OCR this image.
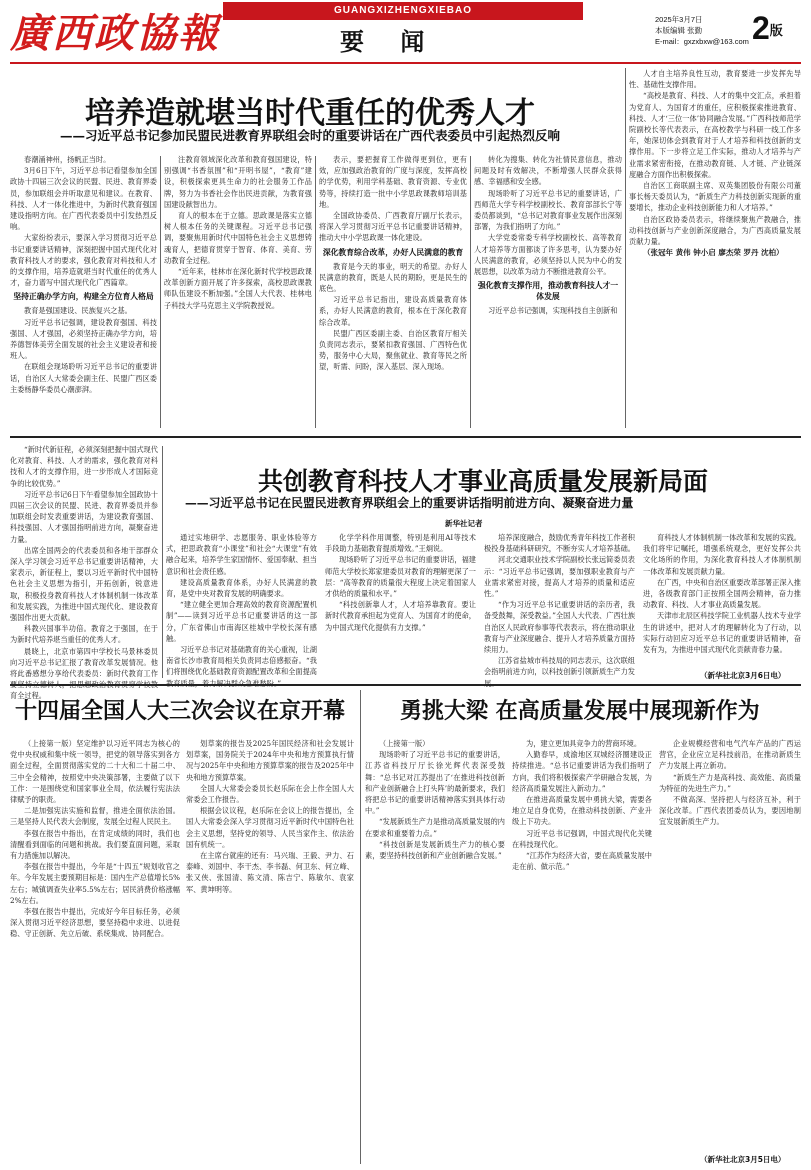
廣西政協報	GUANGXIZHENGXIEBAO
要 闻
2025年3月7日
本版编辑 张勤
E-mail：gxzxbxw@163.com 2版
培养造就堪当时代重任的优秀人才
——习近平总书记参加民盟民进教育界联组会时的重要讲话在广西代表委员中引起热烈反响

春潮涌神州，扬帆正当时。

3月6日下午，习近平总书记看望参加全国政协十四届三次会议的民盟、民进、教育界委员，参加联组会并听取意见和建议。在教育、科技、人才一体化推进中，为新时代教育强国建设指明方向。在广西代表委员中引发热烈反响。

大家纷纷表示，要深入学习贯彻习近平总书记重要讲话精神，深刻把握中国式现代化对教育科技人才的要求，强化教育对科技和人才的支撑作用，培养造就堪当时代重任的优秀人才，奋力谱写中国式现代化广西篇章。

坚持正确办学方向，构建全方位育人格局

教育是强国建设、民族复兴之基。

习近平总书记强调，建设教育强国、科技强国、人才强国，必须坚持正确办学方向，培养德智体美劳全面发展的社会主义建设者和接班人。

在联组会现场聆听习近平总书记的重要讲话，自治区人大常委会副主任、民盟广西区委主委杨静华委员心潮澎湃。

注教育领域深化改革和教育强国建设，特别强调“书香氛围”和“开明书屋”，“教育”建设，积极探索更具生命力的社会服务工作品牌，努力为书香社会作出民进贡献，为教育强国建设献智出力。

育人的根本在于立德。思政课是落实立德树人根本任务的关键课程。习近平总书记强调，要聚焦用新时代中国特色社会主义思想铸魂育人，把德育贯穿于智育、体育、美育、劳动教育全过程。

“近年来，桂林市在深化新时代学校思政课改革创新方面开展了许多探索，高校思政课教师队伍建设不断加强。”全国人大代表、桂林电子科技大学马克思主义学院教授说。

表示，要把握育工作做得更到位，更有效，应加强政治教育的广度与深度，发挥高校的学优势，利用学科基础、教育资源、专业优势等，持续打造一批中小学思政课教师培训基地。

全国政协委员、广西教育厅副厅长表示，将深入学习贯彻习近平总书记重要讲话精神，推动大中小学思政课一体化建设。

深化教育综合改革，办好人民满意的教育

教育是今天的事业，明天的希望。办好人民满意的教育，既是人民的期盼，更是民生的底色。

习近平总书记指出，建设高质量教育体系，办好人民满意的教育，根本在于深化教育综合改革。

民盟广西区委副主委、自治区教育厅相关负责同志表示，要紧扣教育强国、广西特色优势，服务中心大局，聚焦就业、教育等民之所望，听需、问盼，深入基层、深入现场。

转化为搜集、转化为社情民意信息，推动问题及时有效解决，不断增强人民群众获得感、幸福感和安全感。

现场聆听了习近平总书记的重要讲话，广西师范大学专科学校副校长、教育部部长宁等委员都谈到，“总书记对教育事业发展作出深刻部署，为我们指明了方向。”

大学党委常委专科学校副校长、高等教育人才培养等方面都谈了许多思考，认为要办好人民满意的教育，必须坚持以人民为中心的发展思想，以改革为动力不断推进教育公平。

强化教育支撑作用，推动教育科技人才一体发展

习近平总书记强调，实现科技自主创新和

人才自主培养良性互动，教育要进一步发挥先导性、基础性支撑作用。

“高校是教育、科技、人才的集中交汇点，承担着为党育人、为国育才的重任，应积极探索推进教育、科技、人才‘三位一体’协同融合发展。”广西科技师范学院副校长等代表表示，在高校教学与科研一线工作多年，她深切体会到教育对于人才培养和科技创新的支撑作用。下一步将立足工作实际，推动人才培养与产业需求紧密衔接，在推动教育链、人才链、产业链深度融合方面作出积极探索。

自治区工商联副主席、双英集团股份有限公司董事长杨天委员认为，“新质生产力科技创新实现新的重要增长，推动企业科技创新能力和人才培养。”

自治区政协委员表示，将继续聚焦产教融合，推动科技创新与产业创新深度融合，为广西高质量发展贡献力量。

（张冠年 黄伟 钟小启 廖杰荣 罗丹 沈柏）

“新时代新征程，必须深刻把握中国式现代化对教育、科技、人才的需求，强化教育对科技和人才的支撑作用，进一步形成人才国际竞争的比较优势。”

习近平总书记6日下午看望参加全国政协十四届三次会议的民盟、民进、教育界委员并参加联组会时发表重要讲话，为建设教育强国、科技强国、人才强国指明前进方向，凝聚奋进力量。

出席全国两会的代表委员和各地干部群众深入学习领会习近平总书记重要讲话精神，大家表示，新征程上，要以习近平新时代中国特色社会主义思想为指引，开拓创新，锐意进取，积极投身教育科技人才体制机制一体改革和发展实践，为推进中国式现代化、建设教育强国作出更大贡献。

科教兴国事半功倍。教育之于强国，在于为新时代培养堪当重任的优秀人才。

晨晓上，北京市第四中学校长马景林委员向习近平总书记汇报了教育改革发展情况。他将此番感想分享给代表委员：新时代教育工作 育全过程。

共创教育科技人才事业高质量发展新局面
——习近平总书记在民盟民进教育界联组会上的重要讲话指明前进方向、凝聚奋进力量
新华社记者

通过实地研学、志愿服务、职业体验等方式，把思政教育“小课堂”和社会“大课堂”有效融合起来，培养学生家国情怀、爱国奉献、担当意识和社会责任感。

建设高质量教育体系，办好人民满意的教育，是党中央对教育发展的明确要求。

“建立健全更加合理高效的教育资源配置机制”——读到习近平总书记重要讲话的这一部分，广东省佛山市南海区桂城中学校长深有感触。

习近平总书记对基础教育的关心重视，让湖南省长沙市教育局相关负责同志倍感振奋。“我们将围绕优化基础教育资源配置改革和全面提高

化学学科作用调整，特别是利用AI等技术手段助力基础教育提质增效。”王炯说。

现场聆听了习近平总书记的重要讲话，福建师范大学校长郑家建委员对教育的理解更深了一层：“高等教育的质量很大程度上决定着国家人才供给的质量和水平。”

“科技创新靠人才，人才培养靠教育。要让新时代教育承担起为党育人、为国育才的使命，为中国式现代化提供有力支撑。”

培养深度融合，鼓励优秀青年科技工作者积极投身基础科研研究，不断夯实人才培养基础。

河北交通职业技术学院副校长张远简委员表示：“习近平总书记强调，要加强职业教育与产业需求紧密对接，提高人才培养的质量和适应性。”

“作为习近平总书记重要讲话的亲历者，我备受鼓舞，深受教益。”全国人大代表、广西壮族自治区人民政府参事等代表表示，将在推动职业教育与产业深度融合、提升人才培养质量方面持续用力。

江苏省盐城市科技局的同志表示，这次联组会指明前进方向，以科技创新引领新质生产力发

育科技人才体制机制一体改革和发展的实践。我们将牢记嘱托，增强系统观念，更好发挥公共文化场所的作用，为深化教育科技人才体制机制一体改革和发展贡献力量。

在广西，中央和自治区重要改革部署正深入推进，各级教育部门正按照全国两会精神，奋力推动教育、科技、人才事业高质量发展。

天津市北辰区科技学院工业机器人技术专业学生的讲述中，把对人才的理解转化为了行动，以实际行动回应习近平总书记的重要讲话精神，奋发有为，为推进中国式现代化贡献青春力量。

（新华社北京3月6日电）
十四届全国人大三次会议在京开幕

（上接第一版）坚定维护以习近平同志为核心的党中央权威和集中统一领导，把党的领导落实到各方面全过程，全面贯彻落实党的二十大和二十届二中、三中全会精神，按照党中央决策部署，主要做了以下工作：一是围绕党和国家事业全局，依法履行宪法法律赋予的职责。

二是加强宪法实施和监督，推进全面依法治国。三是坚持人民代表大会制度，发展全过程人民民主。

李强在报告中指出，在肯定成绩的同时，我们也清醒看到面临的问题和挑战。我们要直面问题，采取有力措施加以解决。

李强在报告中提出，今年是“十四五”规划收官之年。今年发展主要预期目标是：国内生产总值增长5%左右；城镇调查失业率5.5%左右；居民消费价格涨幅2%左右。

李强在报告中提出，完成好今年目标任务，必须深入贯彻习近平经济思想，要坚持稳中求进、以进促稳、守正创新、先立后破、系统集成、协同配合。

划草案的报告及2025年国民经济和社会发展计划草案，国务院关于2024年中央和地方预算执行情况与2025年中央和地方预算草案的报告及2025年中央和地方预算草案。

全国人大常委会委员长赵乐际在会上作全国人大常委会工作报告。

根据会议议程，赵乐际在会议上的报告提出，全国人大常委会深入学习贯彻习近平新时代中国特色社会主义思想，坚持党的领导、人民当家作主、依法治国有机统一。

在主席台就座的还有：马兴瑞、王毅、尹力、石泰峰、刘国中、李干杰、李书磊、何卫东、何立峰、张又侠、张国清、陈文清、陈吉宁、陈敏尔、袁家军、黄坤明等。

勇挑大梁 在高质量发展中展现新作为

（上接第一版）

现场聆听了习近平总书记的重要讲话，江苏省科技厅厅长徐光辉代表深受鼓舞：“总书记对江苏提出了‘在推进科技创新和产业创新融合上打头阵’的最新要求，我们将把总书记的重要讲话精神落实到具体行动中。”

“发展新质生产力是推动高质量发展的内在要求和重要着力点。”

“科技创新是发展新质生产力的核心要素，要坚持科技创新和产业创新融合发展。”

为，建立更加具竞争力的营商环境。

入勤春早，成渝地区双城经济圈建设正持续推进。“总书记重要讲话为我们指明了方向，我们将积极探索产学研融合发展，为经济高质量发展注入新动力。”

在推进高质量发展中勇挑大梁，需要各地立足自身优势，在推动科技创新、产业升级上下功夫。

习近平总书记强调，中国式现代化关键在科技现代化。

“江苏作为经济大省，要在高质量发展中走在前、做示范。”

企业规模经营和电气汽车产品的广西运营官，企业应立足科技前沿，在推动新质生产力发展上再立新功。

“新质生产力是高科技、高效能、高质量为特征的先进生产力。”

不做高深、坚持把人与经济互补，利于深化改革。广西代表团委员认为，要因地制宜发展新质生产力。

（新华社北京3月5日电）
